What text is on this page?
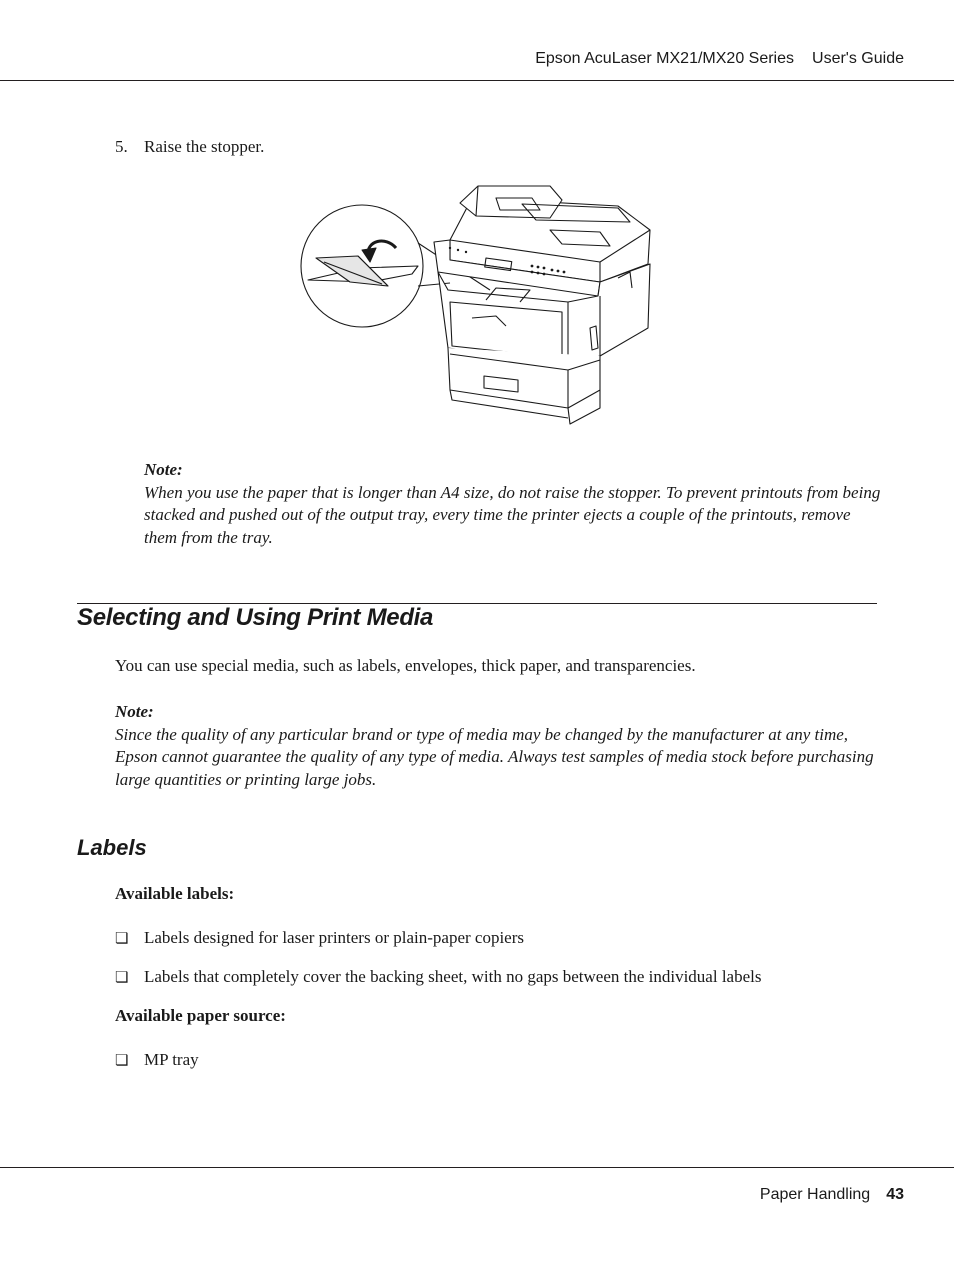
Epson AcuLaser MX21/MX20 Series User's Guide
5. Raise the stopper.
Note:
When you use the paper that is longer than A4 size, do not raise the stopper. To prevent printouts from being stacked and pushed out of the output tray, every time the printer ejects a couple of the printouts, remove them from the tray.
Selecting and Using Print Media
You can use special media, such as labels, envelopes, thick paper, and transparencies.
Note:
Since the quality of any particular brand or type of media may be changed by the manufacturer at any time, Epson cannot guarantee the quality of any type of media. Always test samples of media stock before purchasing large quantities or printing large jobs.
Labels
Available labels:
❏ Labels designed for laser printers or plain-paper copiers
❏ Labels that completely cover the backing sheet, with no gaps between the individual labels
Available paper source:
❏ MP tray
Paper Handling 43
